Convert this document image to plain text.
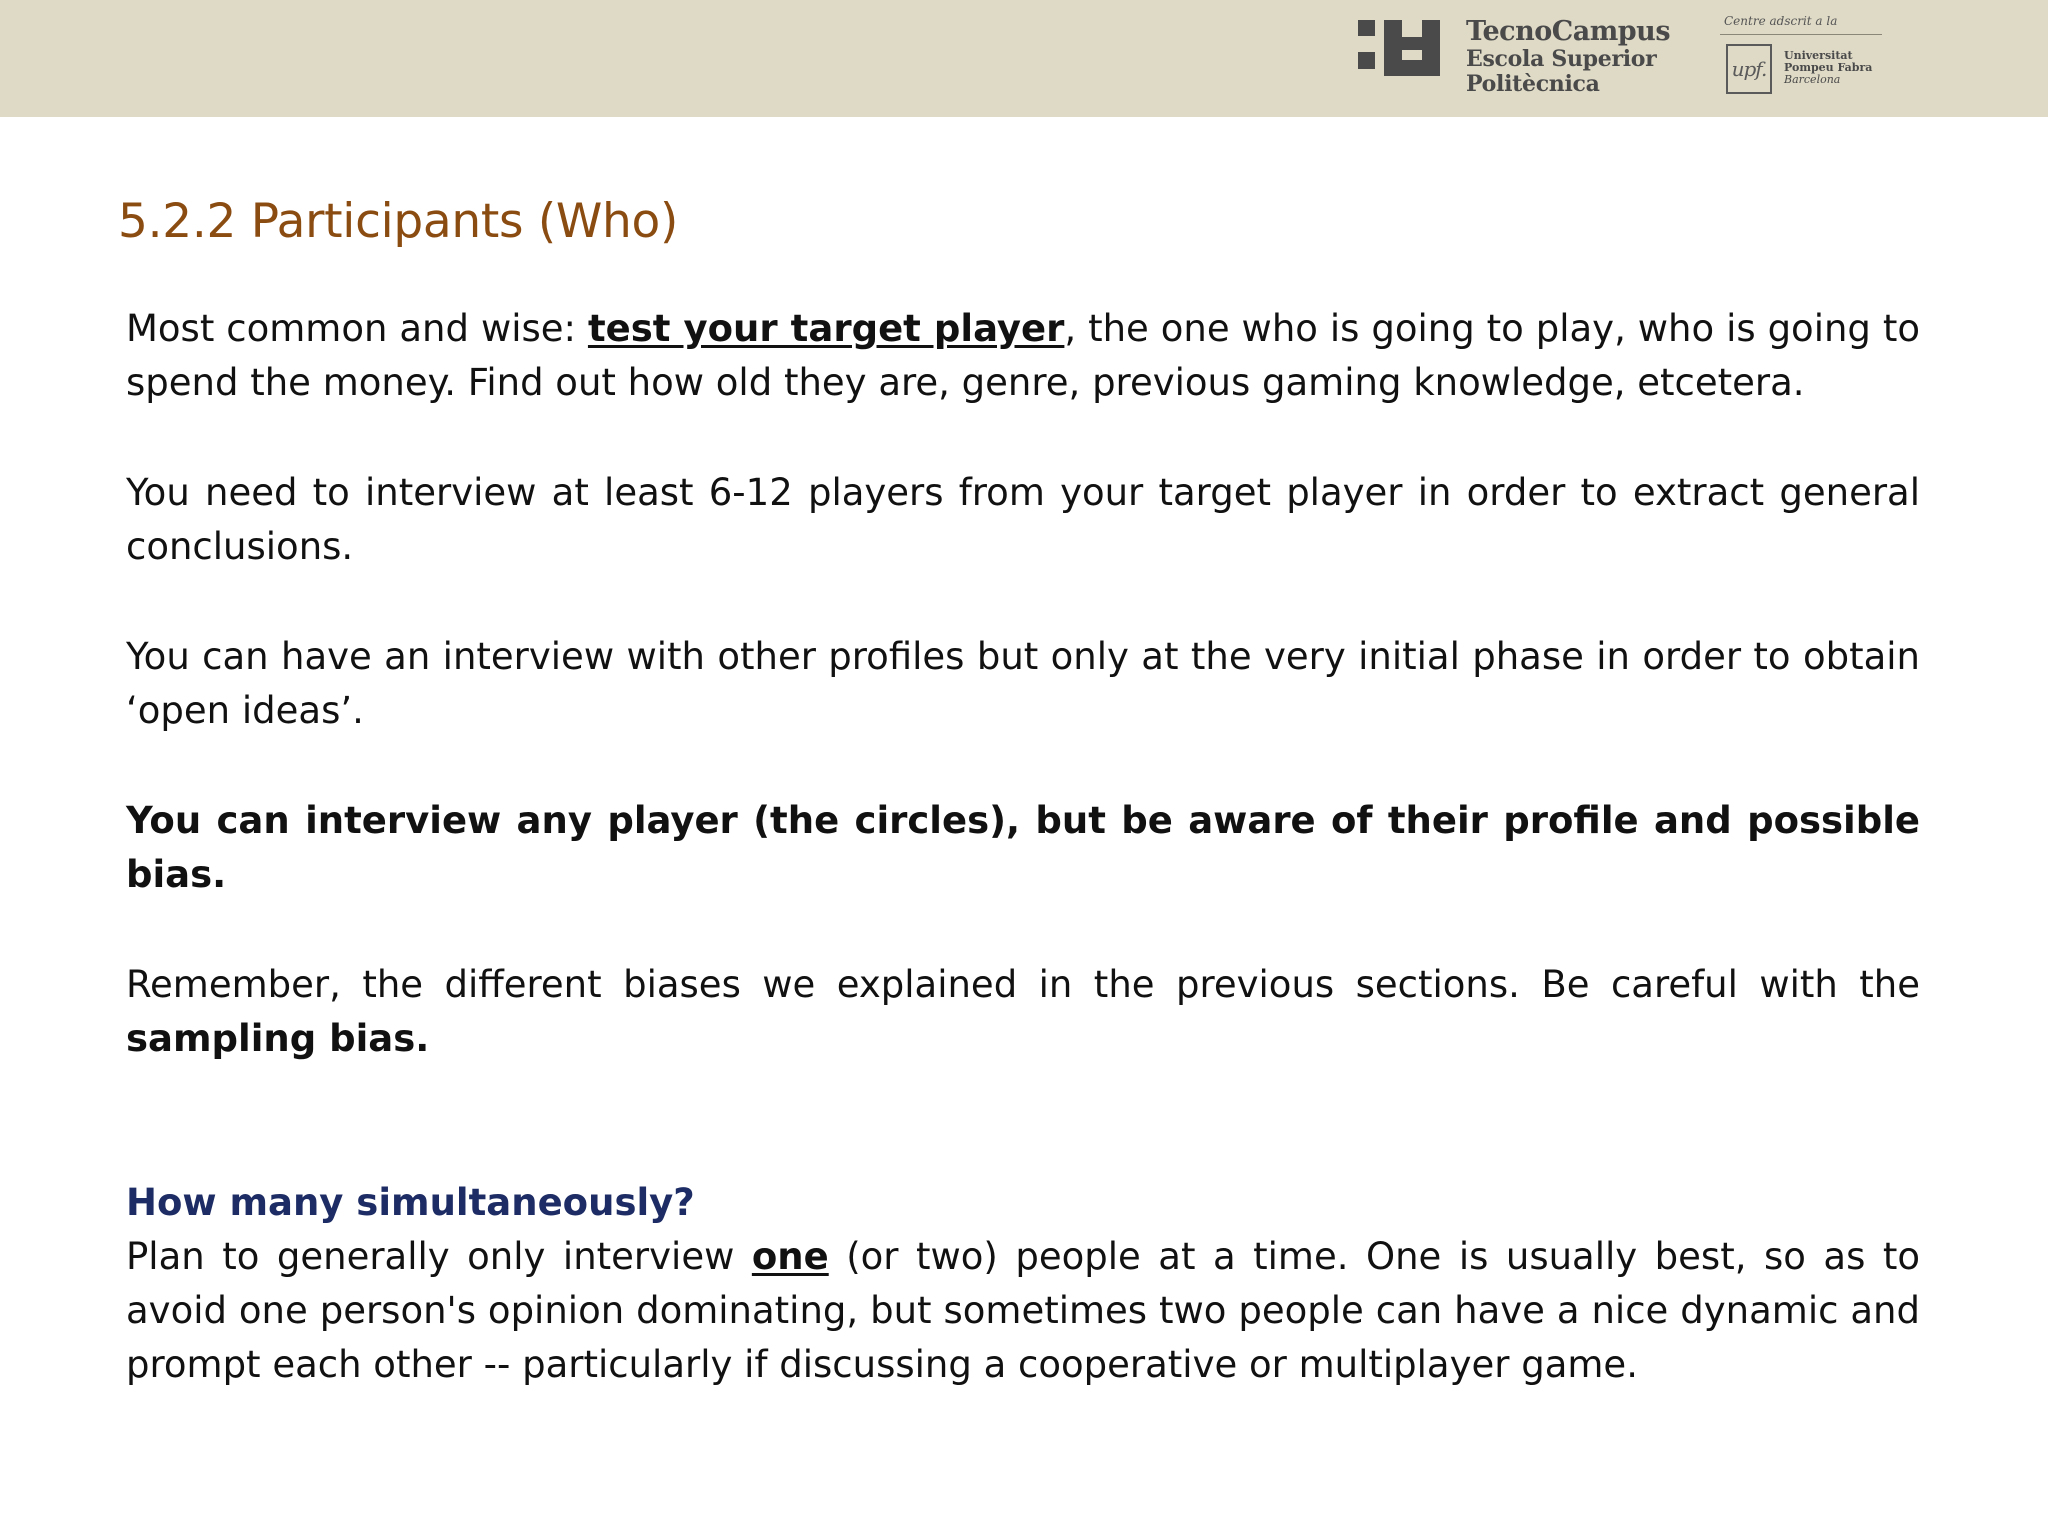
TecnoCampus
Escola Superior
Politècnica
Centre adscrit a la
upf.
Universitat
Pompeu Fabra
Barcelona
5.2.2 Participants (Who)

Most common and wise: test your target player, the one who is going to play, who is going to spend the money. Find out how old they are, genre, previous gaming knowledge, etcetera.

You need to interview at least 6-12 players from your target player in order to extract general conclusions.

You can have an interview with other profiles but only at the very initial phase in order to obtain ‘open ideas’.

You can interview any player (the circles), but be aware of their profile and possible bias.

Remember, the different biases we explained in the previous sections. Be careful with the sampling bias.

How many simultaneously?

Plan to generally only interview one (or two) people at a time. One is usually best, so as to avoid one person's opinion dominating, but sometimes two people can have a nice dynamic and prompt each other -- particularly if discussing a cooperative or multiplayer game.
